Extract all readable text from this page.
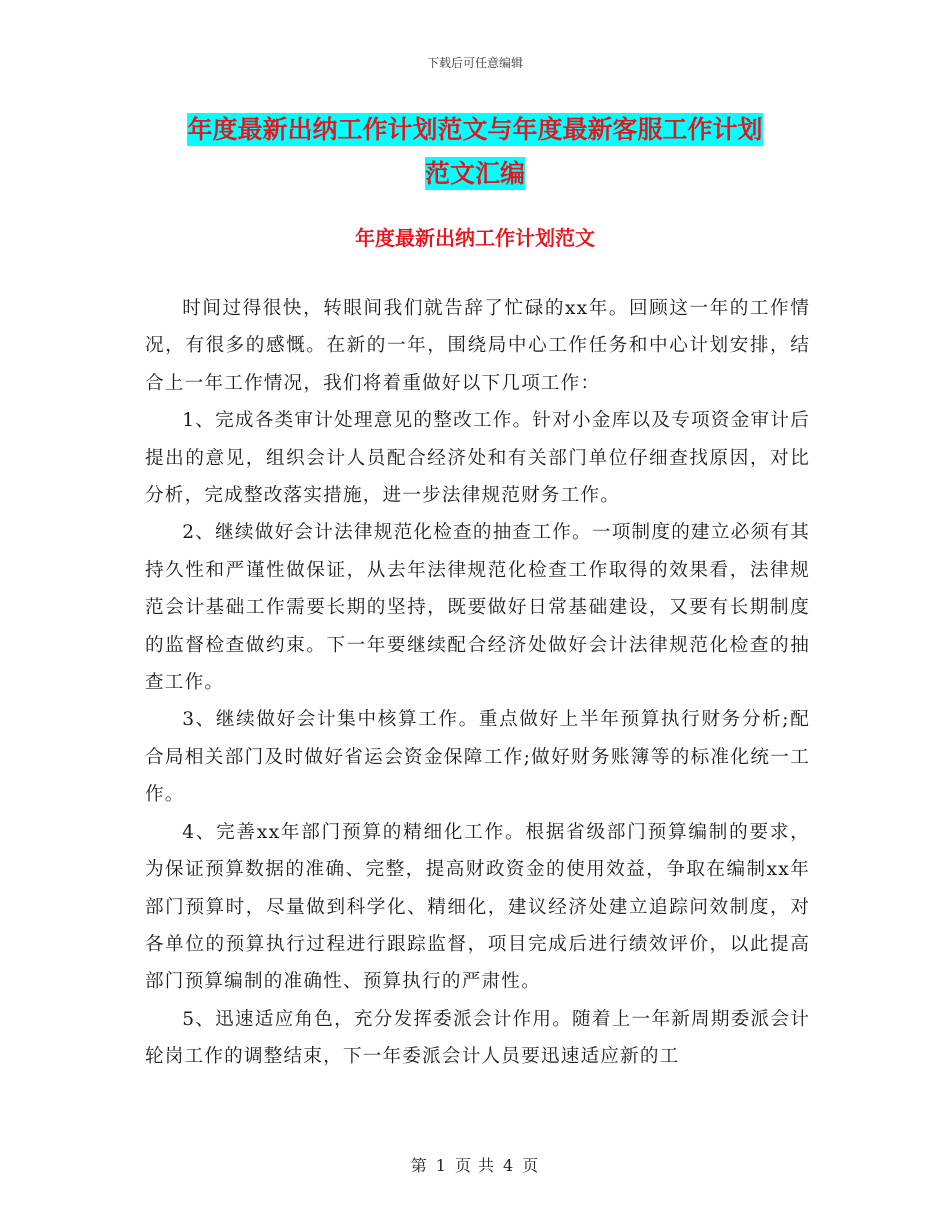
下载后可任意编辑
年度最新出纳工作计划范文与年度最新客服工作计划
范文汇编
年度最新出纳工作计划范文

时间过得很快，转眼间我们就告辞了忙碌的xx年。回顾这一年的工作情况，有很多的感慨。在新的一年，围绕局中心工作任务和中心计划安排，结合上一年工作情况，我们将着重做好以下几项工作：

1、完成各类审计处理意见的整改工作。针对小金库以及专项资金审计后提出的意见，组织会计人员配合经济处和有关部门单位仔细查找原因，对比分析，完成整改落实措施，进一步法律规范财务工作。

2、继续做好会计法律规范化检查的抽查工作。一项制度的建立必须有其持久性和严谨性做保证，从去年法律规范化检查工作取得的效果看，法律规范会计基础工作需要长期的坚持，既要做好日常基础建设，又要有长期制度的监督检查做约束。下一年要继续配合经济处做好会计法律规范化检查的抽查工作。

3、继续做好会计集中核算工作。重点做好上半年预算执行财务分析;配合局相关部门及时做好省运会资金保障工作;做好财务账簿等的标准化统一工作。

4、完善xx年部门预算的精细化工作。根据省级部门预算编制的要求，为保证预算数据的准确、完整，提高财政资金的使用效益，争取在编制xx年部门预算时，尽量做到科学化、精细化，建议经济处建立追踪问效制度，对各单位的预算执行过程进行跟踪监督，项目完成后进行绩效评价，以此提高部门预算编制的准确性、预算执行的严肃性。

5、迅速适应角色，充分发挥委派会计作用。随着上一年新周期委派会计轮岗工作的调整结束，下一年委派会计人员要迅速适应新的工

第 1 页 共 4 页
